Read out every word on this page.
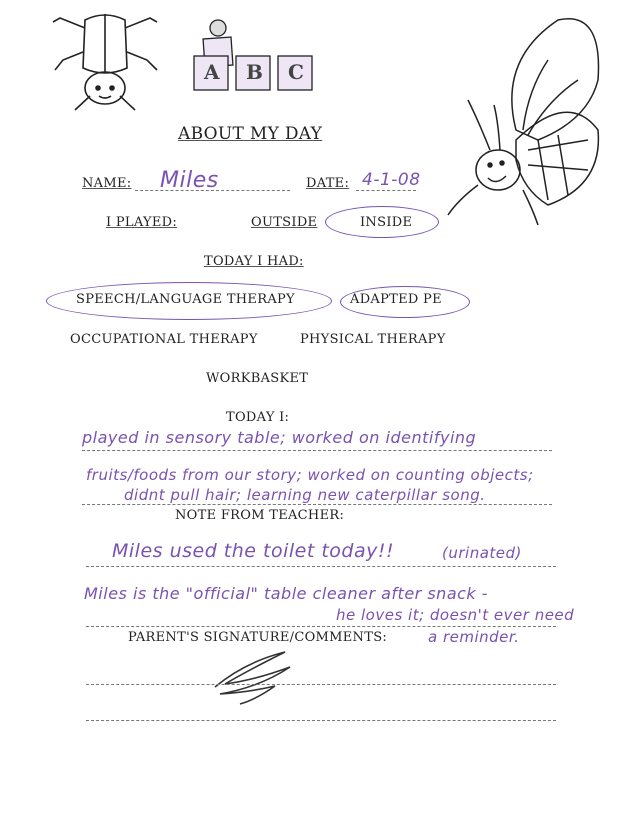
A B C
ABOUT MY DAY
NAME: Miles	DATE: 4-1-08
I PLAYED:	OUTSIDE	INSIDE
TODAY I HAD:
SPEECH/LANGUAGE THERAPY	ADAPTED PE
OCCUPATIONAL THERAPY	PHYSICAL THERAPY
WORKBASKET
TODAY I:
played in sensory table; worked on identifying
fruits/foods from our story; worked on counting objects;
didnt pull hair; learning new caterpillar song.
NOTE FROM TEACHER:
Miles used the toilet today!!	(urinated)
Miles is the "official" table cleaner after snack -
he loves it; doesn't ever need
PARENT'S SIGNATURE/COMMENTS:	a reminder.
